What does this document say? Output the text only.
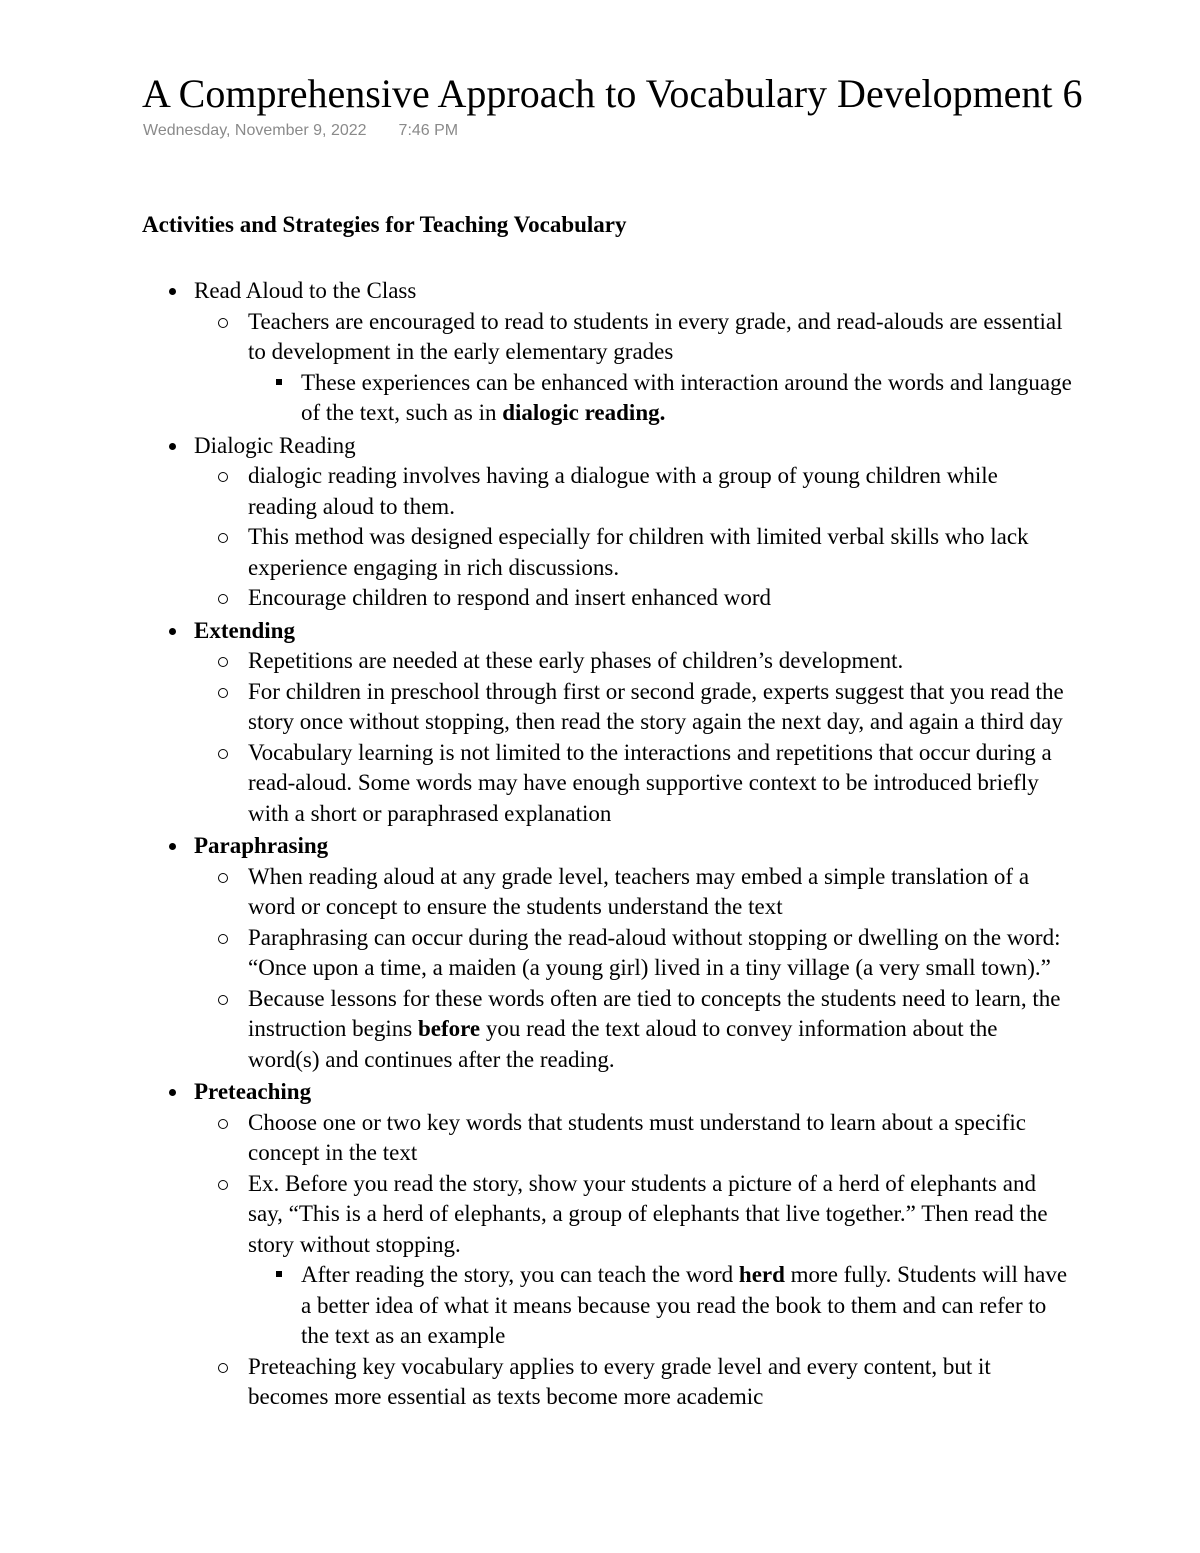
A Comprehensive Approach to Vocabulary Development 6
Wednesday, November 9, 2022 7:46 PM
Activities and Strategies for Teaching Vocabulary
Read Aloud to the Class
Teachers are encouraged to read to students in every grade, and read-alouds are essential to development in the early elementary grades
These experiences can be enhanced with interaction around the words and language of the text, such as in dialogic reading.
Dialogic Reading
dialogic reading involves having a dialogue with a group of young children while reading aloud to them.
This method was designed especially for children with limited verbal skills who lack experience engaging in rich discussions.
Encourage children to respond and insert enhanced word
Extending
Repetitions are needed at these early phases of children’s development.
For children in preschool through first or second grade, experts suggest that you read the story once without stopping, then read the story again the next day, and again a third day
Vocabulary learning is not limited to the interactions and repetitions that occur during a read-aloud. Some words may have enough supportive context to be introduced briefly with a short or paraphrased explanation
Paraphrasing
When reading aloud at any grade level, teachers may embed a simple translation of a word or concept to ensure the students understand the text
Paraphrasing can occur during the read-aloud without stopping or dwelling on the word: “Once upon a time, a maiden (a young girl) lived in a tiny village (a very small town).”
Because lessons for these words often are tied to concepts the students need to learn, the instruction begins before you read the text aloud to convey information about the word(s) and continues after the reading.
Preteaching
Choose one or two key words that students must understand to learn about a specific concept in the text
Ex. Before you read the story, show your students a picture of a herd of elephants and say, “This is a herd of elephants, a group of elephants that live together.” Then read the story without stopping.
After reading the story, you can teach the word herd more fully. Students will have a better idea of what it means because you read the book to them and can refer to the text as an example
Preteaching key vocabulary applies to every grade level and every content, but it becomes more essential as texts become more academic
